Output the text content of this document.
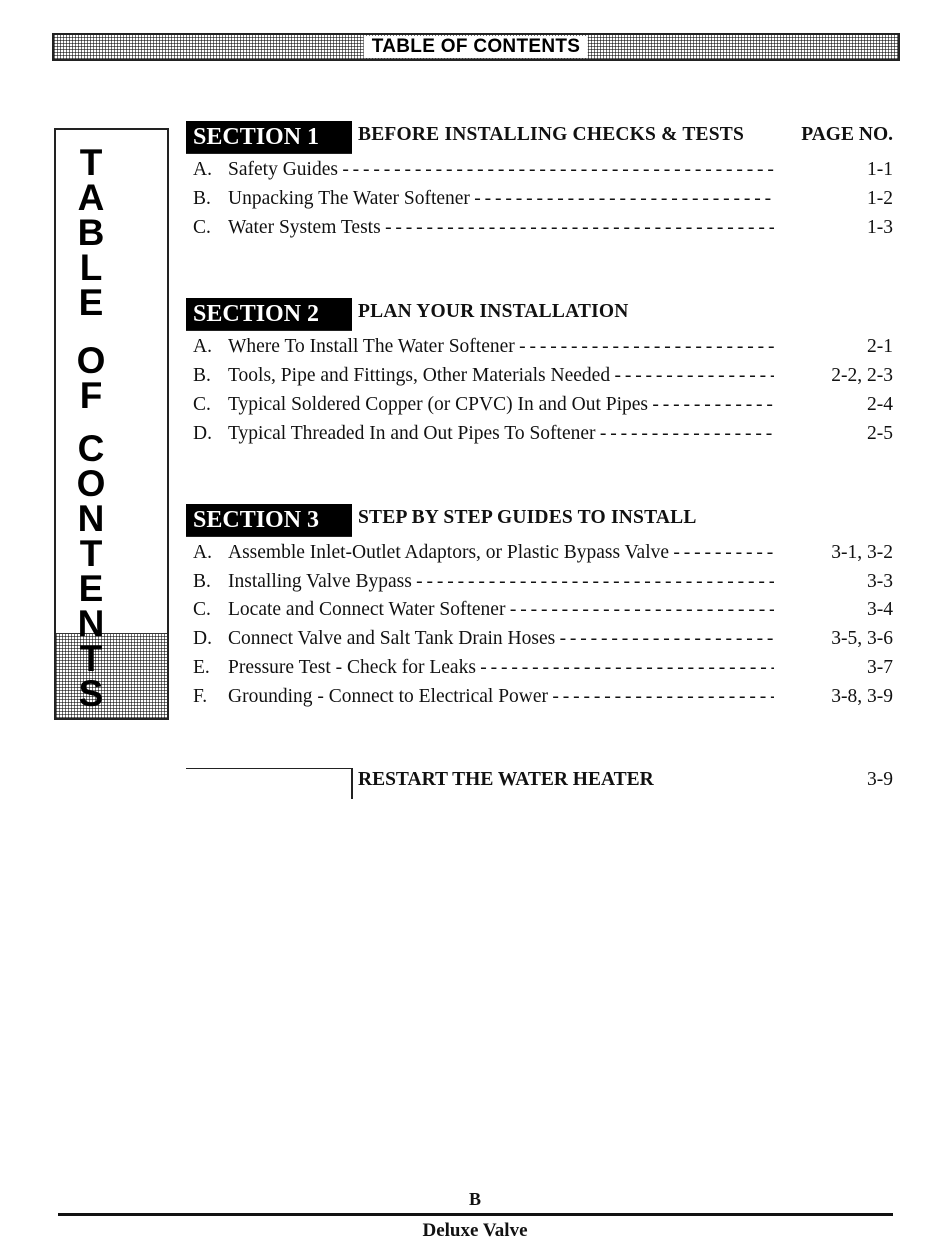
TABLE OF CONTENTS
T
A
B
L
E
O
F
C
O
N
T
E
N
T
S
SECTION 1	BEFORE INSTALLING CHECKS & TESTS	PAGE NO.
A. Safety Guides - - -	1-1
B. Unpacking The Water Softener - - -	1-2
C. Water System Tests - - -	1-3
SECTION 2	PLAN YOUR INSTALLATION
A. Where To Install The Water Softener - - -	2-1
B. Tools, Pipe and Fittings, Other Materials Needed - - -	2-2, 2-3
C. Typical Soldered Copper (or CPVC) In and Out Pipes - - -	2-4
D. Typical Threaded In and Out Pipes To Softener - - -	2-5
SECTION 3	STEP BY STEP GUIDES TO INSTALL
A. Assemble Inlet-Outlet Adaptors, or Plastic Bypass Valve - - -	3-1, 3-2
B. Installing Valve Bypass - - -	3-3
C. Locate and Connect Water Softener - - -	3-4
D. Connect Valve and Salt Tank Drain Hoses - - -	3-5, 3-6
E. Pressure Test - Check for Leaks - - -	3-7
F. Grounding - Connect to Electrical Power - - -	3-8, 3-9
RESTART THE WATER HEATER	3-9
B
Deluxe Valve
